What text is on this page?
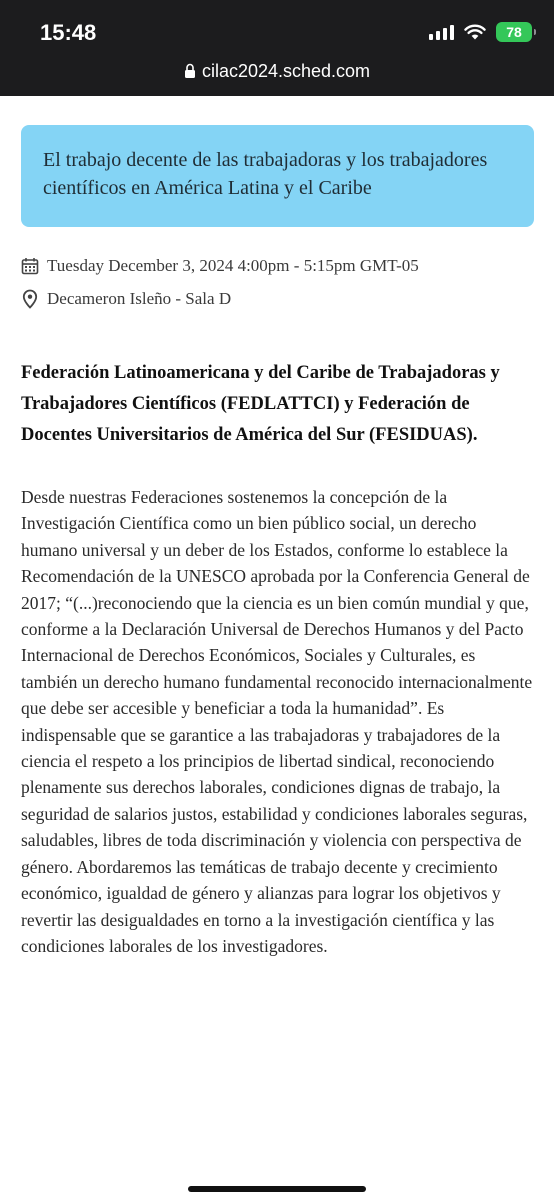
15:48	78
cilac2024.sched.com
El trabajo decente de las trabajadoras y los trabajadores científicos en América Latina y el Caribe
Tuesday December 3, 2024 4:00pm - 5:15pm GMT-05
Decameron Isleño - Sala D
Federación Latinoamericana y del Caribe de Trabajadoras y Trabajadores Científicos (FEDLATTCI) y Federación de Docentes Universitarios de América del Sur (FESIDUAS).
Desde nuestras Federaciones sostenemos la concepción de la Investigación Científica como un bien público social, un derecho humano universal y un deber de los Estados, conforme lo establece la Recomendación de la UNESCO aprobada por la Conferencia General de 2017; “(...)reconociendo que la ciencia es un bien común mundial y que, conforme a la Declaración Universal de Derechos Humanos y del Pacto Internacional de Derechos Económicos, Sociales y Culturales, es también un derecho humano fundamental reconocido internacionalmente que debe ser accesible y beneficiar a toda la humanidad”. Es indispensable que se garantice a las trabajadoras y trabajadores de la ciencia el respeto a los principios de libertad sindical, reconociendo plenamente sus derechos laborales, condiciones dignas de trabajo, la seguridad de salarios justos, estabilidad y condiciones laborales seguras, saludables, libres de toda discriminación y violencia con perspectiva de género. Abordaremos las temáticas de trabajo decente y crecimiento económico, igualdad de género y alianzas para lograr los objetivos y revertir las desigualdades en torno a la investigación científica y las condiciones laborales de los investigadores.
